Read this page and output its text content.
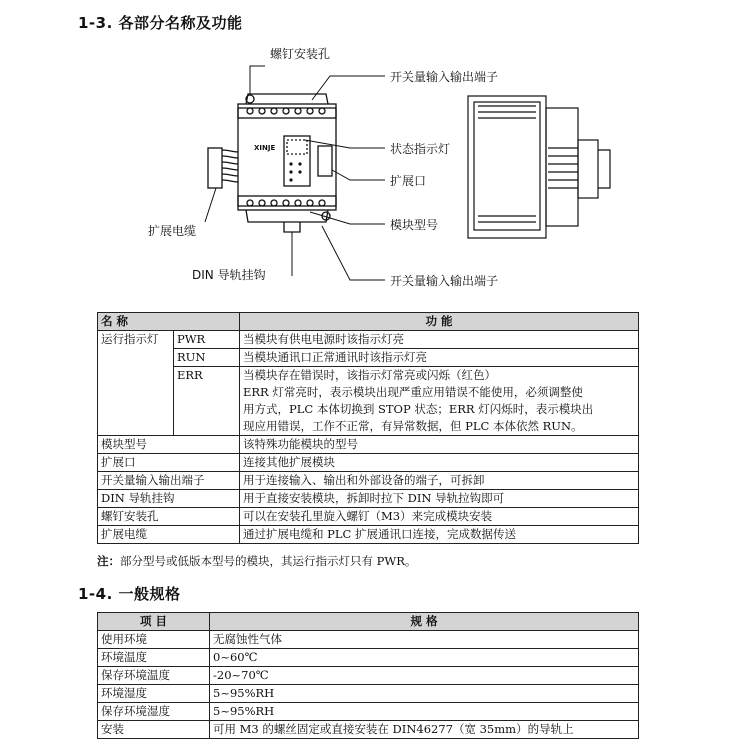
1-3. 各部分名称及功能
XINJE
螺钉安装孔
开关量输入输出端子
状态指示灯
扩展口
扩展电缆	模块型号
DIN 导轨挂钩	开关量输入输出端子
名 称		功 能
运行指示灯	PWR	当模块有供电电源时该指示灯亮
	RUN	当模块通讯口正常通讯时该指示灯亮
	ERR	当模块存在错误时，该指示灯常亮或闪烁（红色）
ERR 灯常亮时，表示模块出现严重应用错误不能使用，必须调整使
用方式，PLC 本体切换到 STOP 状态；ERR 灯闪烁时，表示模块出
现应用错误，工作不正常，有异常数据，但 PLC 本体依然 RUN。

模块型号		该特殊功能模块的型号
扩展口		连接其他扩展模块
开关量输入输出端子		用于连接输入、输出和外部设备的端子，可拆卸
DIN 导轨挂钩		用于直接安装模块，拆卸时拉下 DIN 导轨拉钩即可
螺钉安装孔		可以在安装孔里旋入螺钉（M3）来完成模块安装
扩展电缆		通过扩展电缆和 PLC 扩展通讯口连接，完成数据传送
注：部分型号或低版本型号的模块，其运行指示灯只有 PWR。
1-4. 一般规格
项 目	规 格
使用环境	无腐蚀性气体
环境温度	0~60℃
保存环境温度	-20~70℃
环境湿度	5~95%RH
保存环境湿度	5~95%RH
安装	可用 M3 的螺丝固定或直接安装在 DIN46277（宽 35mm）的导轨上
